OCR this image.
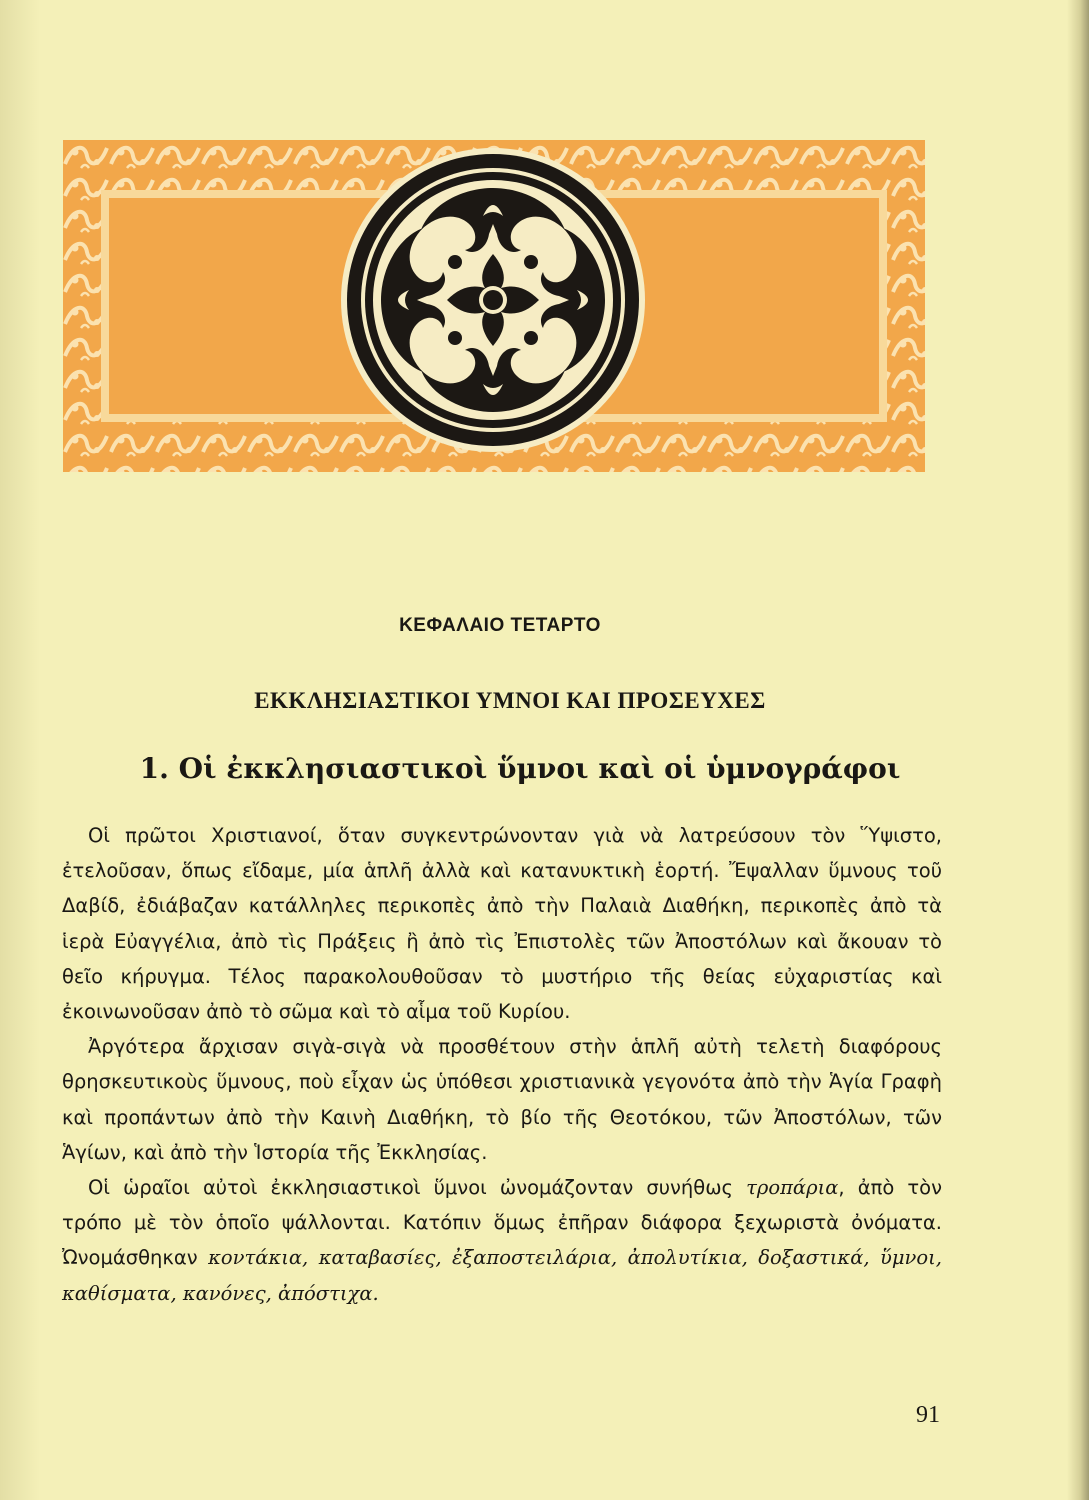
ΚΕΦΑΛΑΙΟ ΤΕΤΑΡΤΟ
ΕΚΚΛΗΣΙΑΣΤΙΚΟΙ ΥΜΝΟΙ ΚΑΙ ΠΡΟΣΕΥΧΕΣ
1. Οἱ ἐκκλησιαστικοὶ ὕμνοι καὶ οἱ ὑμνογράφοι

Οἱ πρῶτοι Χριστιανοί, ὅταν συγκεντρώνονταν γιὰ νὰ λατρεύσουν τὸν Ὕψιστο, ἐτελοῦσαν, ὅπως εἴδαμε, μία ἁπλῆ ἀλλὰ καὶ κατανυκτικὴ ἑορτή. Ἔψαλλαν ὕμνους τοῦ Δαβίδ, ἐδιάβαζαν κατάλληλες περικοπὲς ἀπὸ τὴν Παλαιὰ Διαθήκη, περικοπὲς ἀπὸ τὰ ἱερὰ Εὐαγγέλια, ἀπὸ τὶς Πράξεις ἢ ἀπὸ τὶς Ἐπιστολὲς τῶν Ἀποστόλων καὶ ἄκουαν τὸ θεῖο κήρυγμα. Τέλος παρακολουθοῦσαν τὸ μυστήριο τῆς θείας εὐχαριστίας καὶ ἐκοινωνοῦσαν ἀπὸ τὸ σῶμα καὶ τὸ αἷμα τοῦ Κυρίου.

Ἀργότερα ἄρχισαν σιγὰ-σιγὰ νὰ προσθέτουν στὴν ἁπλῆ αὐτὴ τελετὴ διαφόρους θρησκευτικοὺς ὕμνους, ποὺ εἶχαν ὡς ὑπόθεσι χριστιανικὰ γεγονότα ἀπὸ τὴν Ἁγία Γραφὴ καὶ προπάντων ἀπὸ τὴν Καινὴ Διαθήκη, τὸ βίο τῆς Θεοτόκου, τῶν Ἀποστόλων, τῶν Ἁγίων, καὶ ἀπὸ τὴν Ἱστορία τῆς Ἐκκλησίας.

Οἱ ὡραῖοι αὐτοὶ ἐκκλησιαστικοὶ ὕμνοι ὠνομάζονταν συνήθως τροπάρια, ἀπὸ τὸν τρόπο μὲ τὸν ὁποῖο ψάλλονται. Κατόπιν ὅμως ἐπῆραν διάφορα ξεχωριστὰ ὀνόματα. Ὠνομάσθηκαν κοντάκια, καταβασίες, ἐξαποστειλάρια, ἀπολυτίκια, δοξαστικά, ὕμνοι, καθίσματα, κανόνες, ἀπόστιχα.

91
